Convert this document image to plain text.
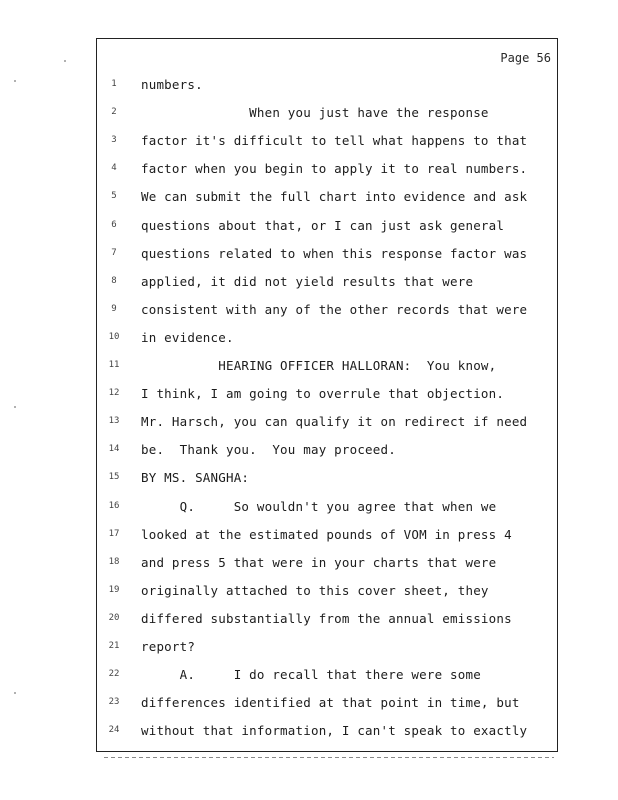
Page 56
1	numbers.
2	When you just have the response
3	factor it's difficult to tell what happens to that
4	factor when you begin to apply it to real numbers.
5	We can submit the full chart into evidence and ask
6	questions about that, or I can just ask general
7	questions related to when this response factor was
8	applied, it did not yield results that were
9	consistent with any of the other records that were
10	in evidence.
11	HEARING OFFICER HALLORAN:  You know,
12	I think, I am going to overrule that objection.
13	Mr. Harsch, you can qualify it on redirect if need
14	be.  Thank you.  You may proceed.
15	BY MS. SANGHA:
16	Q.     So wouldn't you agree that when we
17	looked at the estimated pounds of VOM in press 4
18	and press 5 that were in your charts that were
19	originally attached to this cover sheet, they
20	differed substantially from the annual emissions
21	report?
22	A.     I do recall that there were some
23	differences identified at that point in time, but
24	without that information, I can't speak to exactly
